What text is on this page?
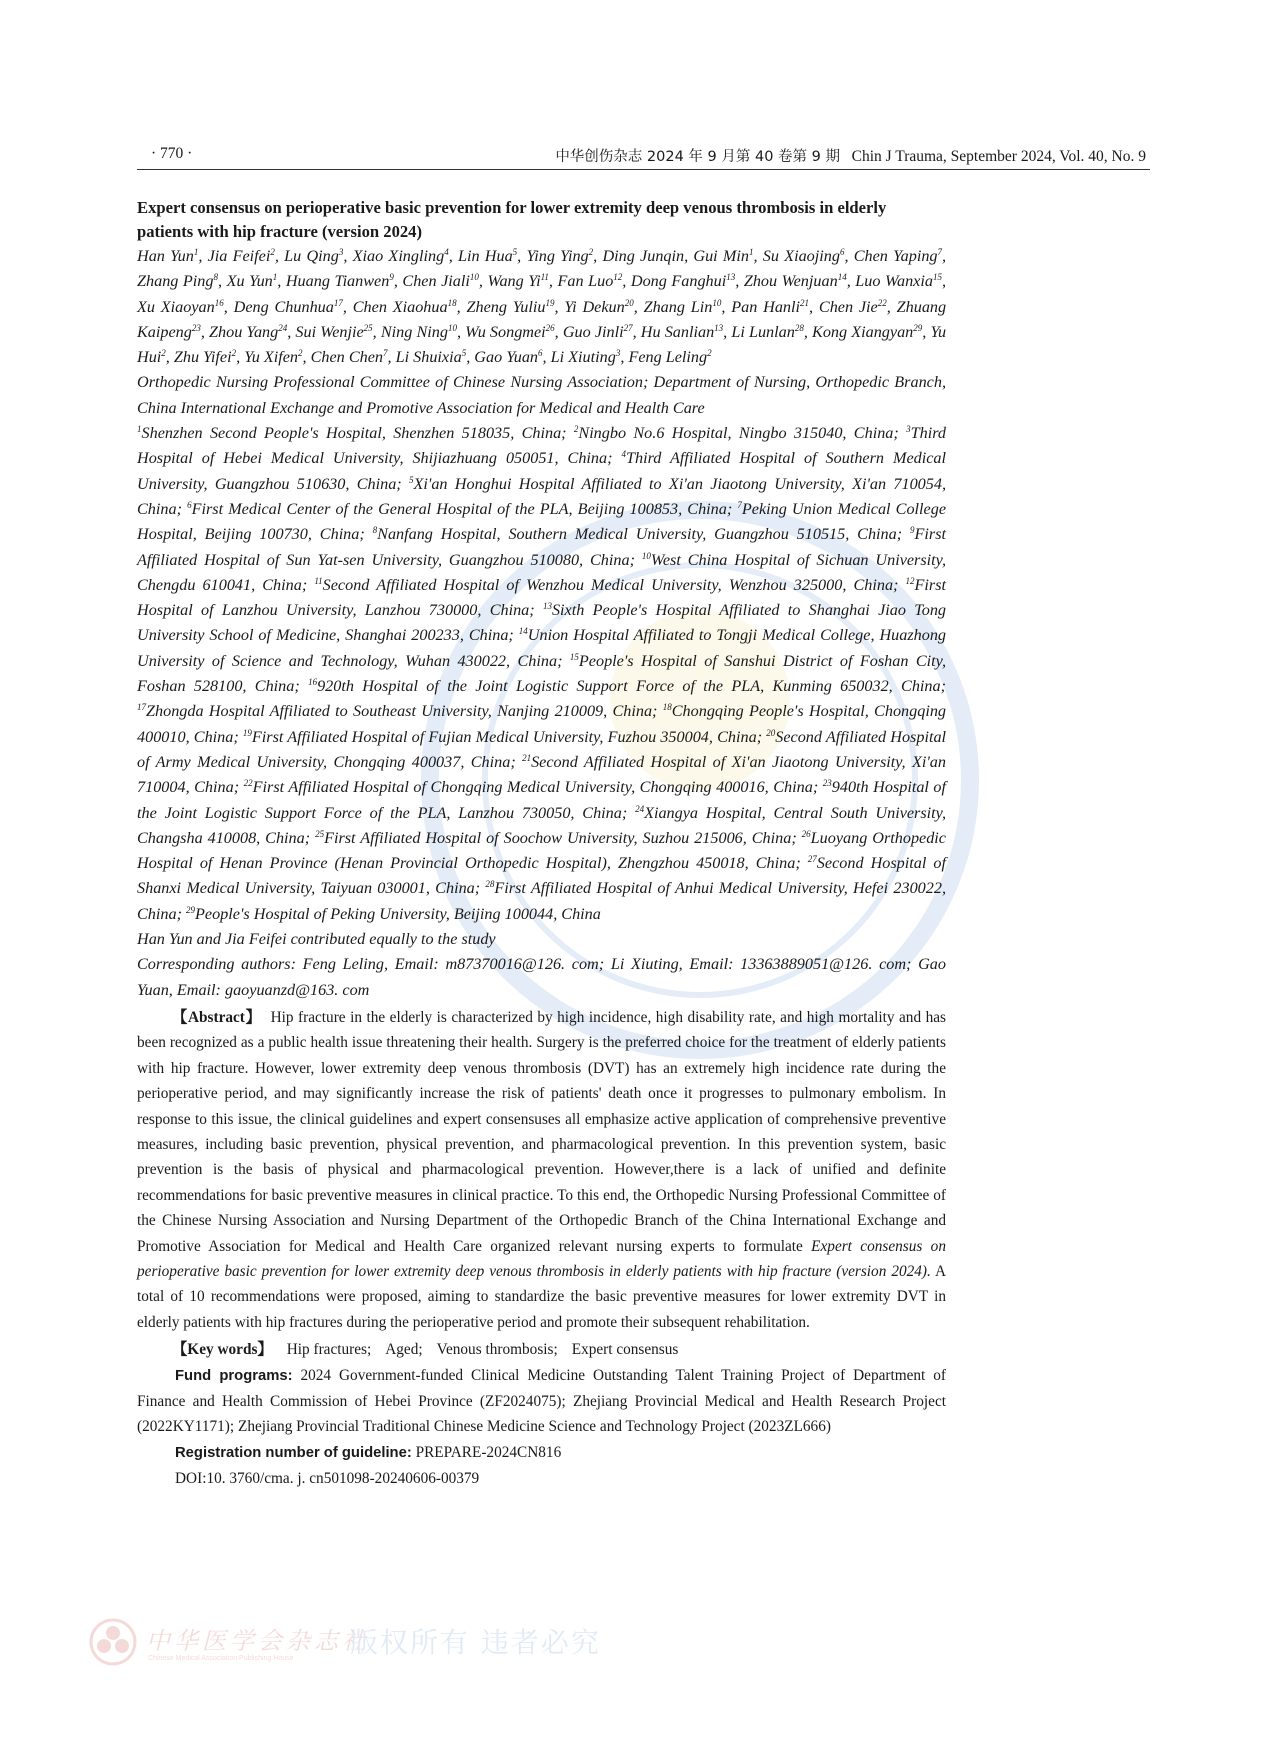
· 770 ·	中华创伤杂志 2024 年 9 月第 40 卷第 9 期 Chin J Trauma, September 2024, Vol. 40, No. 9
Expert consensus on perioperative basic prevention for lower extremity deep venous thrombosis in elderly patients with hip fracture (version 2024)
Han Yun$^1$, Jia Feifei$^2$, Lu Qing$^3$, Xiao Xingling$^4$, Lin Hua$^5$, Ying Ying$^2$, Ding Junqin, Gui Min$^1$, Su Xiaojing$^6$, Chen Yaping$^7$, Zhang Ping$^8$, Xu Yun$^1$, Huang Tianwen$^9$, Chen Jiali$^{10}$, Wang Yi$^{11}$, Fan Luo$^{12}$, Dong Fanghui$^{13}$, Zhou Wenjuan$^{14}$, Luo Wanxia$^{15}$, Xu Xiaoyan$^{16}$, Deng Chunhua$^{17}$, Chen Xiaohua$^{18}$, Zheng Yuliu$^{19}$, Yi Dekun$^{20}$, Zhang Lin$^{10}$, Pan Hanli$^{21}$, Chen Jie$^{22}$, Zhuang Kaipeng$^{23}$, Zhou Yang$^{24}$, Sui Wenjie$^{25}$, Ning Ning$^{10}$, Wu Songmei$^{26}$, Guo Jinli$^{27}$, Hu Sanlian$^{13}$, Li Lunlan$^{28}$, Kong Xiangyan$^{29}$, Yu Hui$^2$, Zhu Yifei$^2$, Yu Xifen$^2$, Chen Chen$^7$, Li Shuixia$^5$, Gao Yuan$^6$, Li Xiuting$^3$, Feng Leling$^2$
Orthopedic Nursing Professional Committee of Chinese Nursing Association; Department of Nursing, Orthopedic Branch, China International Exchange and Promotive Association for Medical and Health Care
$^1$Shenzhen Second People's Hospital, Shenzhen 518035, China; $^2$Ningbo No.6 Hospital, Ningbo 315040, China; $^3$Third Hospital of Hebei Medical University, Shijiazhuang 050051, China; $^4$Third Affiliated Hospital of Southern Medical University, Guangzhou 510630, China; $^5$Xi'an Honghui Hospital Affiliated to Xi'an Jiaotong University, Xi'an 710054, China; $^6$First Medical Center of the General Hospital of the PLA, Beijing 100853, China; $^7$Peking Union Medical College Hospital, Beijing 100730, China; $^8$Nanfang Hospital, Southern Medical University, Guangzhou 510515, China; $^9$First Affiliated Hospital of Sun Yat-sen University, Guangzhou 510080, China; $^{10}$West China Hospital of Sichuan University, Chengdu 610041, China; $^{11}$Second Affiliated Hospital of Wenzhou Medical University, Wenzhou 325000, China; $^{12}$First Hospital of Lanzhou University, Lanzhou 730000, China; $^{13}$Sixth People's Hospital Affiliated to Shanghai Jiao Tong University School of Medicine, Shanghai 200233, China; $^{14}$Union Hospital Affiliated to Tongji Medical College, Huazhong University of Science and Technology, Wuhan 430022, China; $^{15}$People's Hospital of Sanshui District of Foshan City, Foshan 528100, China; $^{16}$920th Hospital of the Joint Logistic Support Force of the PLA, Kunming 650032, China; $^{17}$Zhongda Hospital Affiliated to Southeast University, Nanjing 210009, China; $^{18}$Chongqing People's Hospital, Chongqing 400010, China; $^{19}$First Affiliated Hospital of Fujian Medical University, Fuzhou 350004, China; $^{20}$Second Affiliated Hospital of Army Medical University, Chongqing 400037, China; $^{21}$Second Affiliated Hospital of Xi'an Jiaotong University, Xi'an 710004, China; $^{22}$First Affiliated Hospital of Chongqing Medical University, Chongqing 400016, China; $^{23}$940th Hospital of the Joint Logistic Support Force of the PLA, Lanzhou 730050, China; $^{24}$Xiangya Hospital, Central South University, Changsha 410008, China; $^{25}$First Affiliated Hospital of Soochow University, Suzhou 215006, China; $^{26}$Luoyang Orthopedic Hospital of Henan Province (Henan Provincial Orthopedic Hospital), Zhengzhou 450018, China; $^{27}$Second Hospital of Shanxi Medical University, Taiyuan 030001, China; $^{28}$First Affiliated Hospital of Anhui Medical University, Hefei 230022, China; $^{29}$People's Hospital of Peking University, Beijing 100044, China
Han Yun and Jia Feifei contributed equally to the study
Corresponding authors: Feng Leling, Email: m87370016@126. com; Li Xiuting, Email: 13363889051@126. com; Gao Yuan, Email: gaoyuanzd@163. com
【Abstract】 Hip fracture in the elderly is characterized by high incidence, high disability rate, and high mortality and has been recognized as a public health issue threatening their health. Surgery is the preferred choice for the treatment of elderly patients with hip fracture. However, lower extremity deep venous thrombosis (DVT) has an extremely high incidence rate during the perioperative period, and may significantly increase the risk of patients' death once it progresses to pulmonary embolism. In response to this issue, the clinical guidelines and expert consensuses all emphasize active application of comprehensive preventive measures, including basic prevention, physical prevention, and pharmacological prevention. In this prevention system, basic prevention is the basis of physical and pharmacological prevention. However,there is a lack of unified and definite recommendations for basic preventive measures in clinical practice. To this end, the Orthopedic Nursing Professional Committee of the Chinese Nursing Association and Nursing Department of the Orthopedic Branch of the China International Exchange and Promotive Association for Medical and Health Care organized relevant nursing experts to formulate Expert consensus on perioperative basic prevention for lower extremity deep venous thrombosis in elderly patients with hip fracture (version 2024). A total of 10 recommendations were proposed, aiming to standardize the basic preventive measures for lower extremity DVT in elderly patients with hip fractures during the perioperative period and promote their subsequent rehabilitation.
【Key words】 Hip fractures; Aged; Venous thrombosis; Expert consensus
Fund programs: 2024 Government-funded Clinical Medicine Outstanding Talent Training Project of Department of Finance and Health Commission of Hebei Province (ZF2024075); Zhejiang Provincial Medical and Health Research Project (2022KY1171); Zhejiang Provincial Traditional Chinese Medicine Science and Technology Project (2023ZL666)
Registration number of guideline: PREPARE-2024CN816
DOI:10. 3760/cma. j. cn501098-20240606-00379
中华医学会杂志社
Chinese Medical Association Publishing House 版权所有 违者必究
